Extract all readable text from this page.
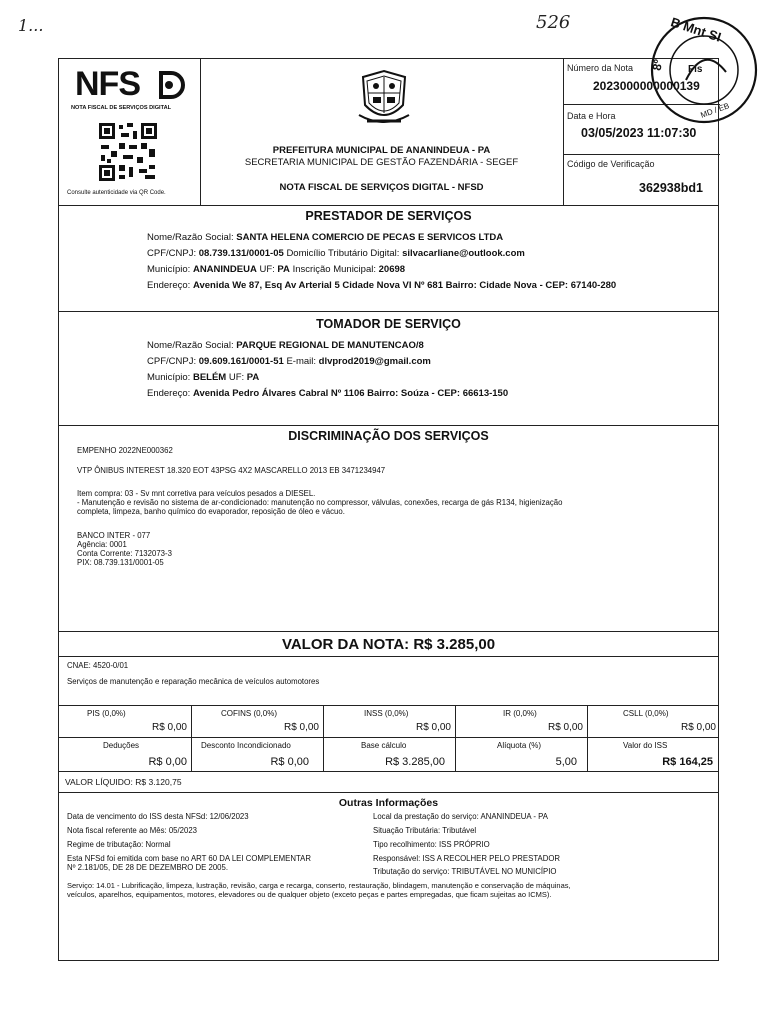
1...	526
NFS
NOTA FISCAL DE SERVIÇOS DIGITAL
Consulte autenticidade via QR Code.
PREFEITURA MUNICIPAL DE ANANINDEUA - PA
SECRETARIA MUNICIPAL DE GESTÃO FAZENDÁRIA - SEGEF
NOTA FISCAL DE SERVIÇOS DIGITAL - NFSD
Número da Nota
2023000000000139
Data e Hora
03/05/2023 11:07:30
Código de Verificação
362938bd1
PRESTADOR DE SERVIÇOS
Nome/Razão Social: SANTA HELENA COMERCIO DE PECAS E SERVICOS LTDA
CPF/CNPJ: 08.739.131/0001-05 Domicílio Tributário Digital: silvacarliane@outlook.com
Município: ANANINDEUA UF: PA Inscrição Municipal: 20698
Endereço: Avenida We 87, Esq Av Arterial 5 Cidade Nova VI Nº 681 Bairro: Cidade Nova - CEP: 67140-280
TOMADOR DE SERVIÇO
Nome/Razão Social: PARQUE REGIONAL DE MANUTENCAO/8
CPF/CNPJ: 09.609.161/0001-51 E-mail: dlvprod2019@gmail.com
Município: BELÉM UF: PA
Endereço: Avenida Pedro Álvares Cabral Nº 1106 Bairro: Soúza - CEP: 66613-150
DISCRIMINAÇÃO DOS SERVIÇOS
EMPENHO 2022NE000362
VTP ÔNIBUS INTEREST 18.320 EOT 43PSG 4X2 MASCARELLO 2013 EB 3471234947
Item compra: 03 - Sv mnt corretiva para veículos pesados a DIESEL.
- Manutenção e revisão no sistema de ar-condicionado: manutenção no compressor, válvulas, conexões, recarga de gás R134, higienização
completa, limpeza, banho químico do evaporador, reposição de óleo e vácuo.
BANCO INTER - 077
Agência: 0001
Conta Corrente: 7132073-3
PIX: 08.739.131/0001-05
VALOR DA NOTA: R$ 3.285,00
CNAE: 4520-0/01
Serviços de manutenção e reparação mecânica de veículos automotores
PIS (0,0%)
R$ 0,00
COFINS (0,0%)
R$ 0,00
INSS (0,0%)
R$ 0,00
IR (0,0%)
R$ 0,00
CSLL (0,0%)
R$ 0,00
Deduções
R$ 0,00
Desconto Incondicionado
R$ 0,00
Base cálculo
R$ 3.285,00
Alíquota (%)
5,00
Valor do ISS
R$ 164,25
VALOR LÍQUIDO: R$ 3.120,75
Outras Informações
Data de vencimento do ISS desta NFSd: 12/06/2023
Nota fiscal referente ao Mês: 05/2023
Regime de tributação: Normal
Esta NFSd foi emitida com base no ART 60 DA LEI COMPLEMENTAR
Nº 2.181/05, DE 28 DE DEZEMBRO DE 2005.
Local da prestação do serviço: ANANINDEUA - PA
Situação Tributária: Tributável
Tipo recolhimento: ISS PRÓPRIO
Responsável: ISS A RECOLHER PELO PRESTADOR
Tributação do serviço: TRIBUTÁVEL NO MUNICÍPIO
Serviço: 14.01 - Lubrificação, limpeza, lustração, revisão, carga e recarga, conserto, restauração, blindagem, manutenção e conservação de máquinas,
veículos, aparelhos, equipamentos, motores, elevadores ou de qualquer objeto (exceto peças e partes empregadas, que ficam sujeitas ao ICMS).
B Mnt SI
8º Fls
MD / EB
